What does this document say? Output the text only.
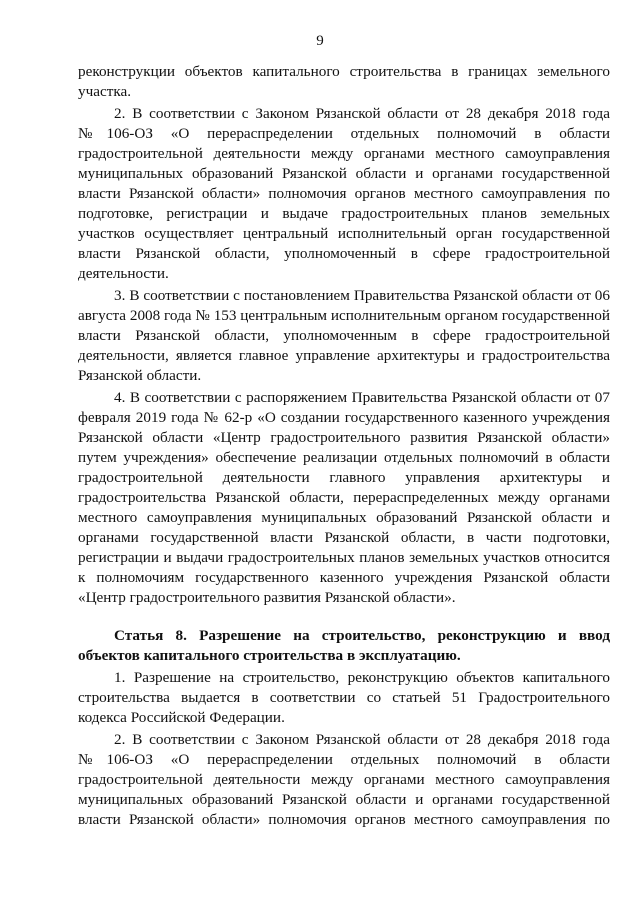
9
реконструкции объектов капитального строительства в границах земельного
участка.
2. В соответствии с Законом Рязанской области от 28 декабря 2018 года
№106-ОЗ «О перераспределении отдельных полномочий в области
градостроительной деятельности между органами местного самоуправления
муниципальных образований Рязанской области и органами государственной
власти Рязанской области» полномочия органов местного самоуправления по
подготовке, регистрации и выдаче градостроительных планов земельных
участков осуществляет центральный исполнительный орган государственной
власти Рязанской области, уполномоченный в сфере градостроительной
деятельности.
3. В соответствии с постановлением Правительства Рязанской области от 06
августа 2008 года № 153 центральным исполнительным органом государственной
власти Рязанской области, уполномоченным в сфере градостроительной
деятельности, является главное управление архитектуры и градостроительства
Рязанской области.
4. В соответствии с распоряжением Правительства Рязанской области от 07
февраля 2019 года № 62-р «О создании государственного казенного учреждения
Рязанской области «Центр градостроительного развития Рязанской области»
путем учреждения» обеспечение реализации отдельных полномочий в области
градостроительной деятельности главного управления архитектуры и
градостроительства Рязанской области, перераспределенных между органами
местного самоуправления муниципальных образований Рязанской области и
органами государственной власти Рязанской области, в части подготовки,
регистрации и выдачи градостроительных планов земельных участков относится
к полномочиям государственного казенного учреждения Рязанской области
«Центр градостроительного развития Рязанской области».
Статья 8. Разрешение на строительство, реконструкцию и ввод
объектов капитального строительства в эксплуатацию.
1. Разрешение на строительство, реконструкцию объектов капитального
строительства выдается в соответствии со статьей 51 Градостроительного
кодекса Российской Федерации.
2. В соответствии с Законом Рязанской области от 28 декабря 2018 года
№106-ОЗ «О перераспределении отдельных полномочий в области
градостроительной деятельности между органами местного самоуправления
муниципальных образований Рязанской области и органами государственной
власти Рязанской области» полномочия органов местного самоуправления по
